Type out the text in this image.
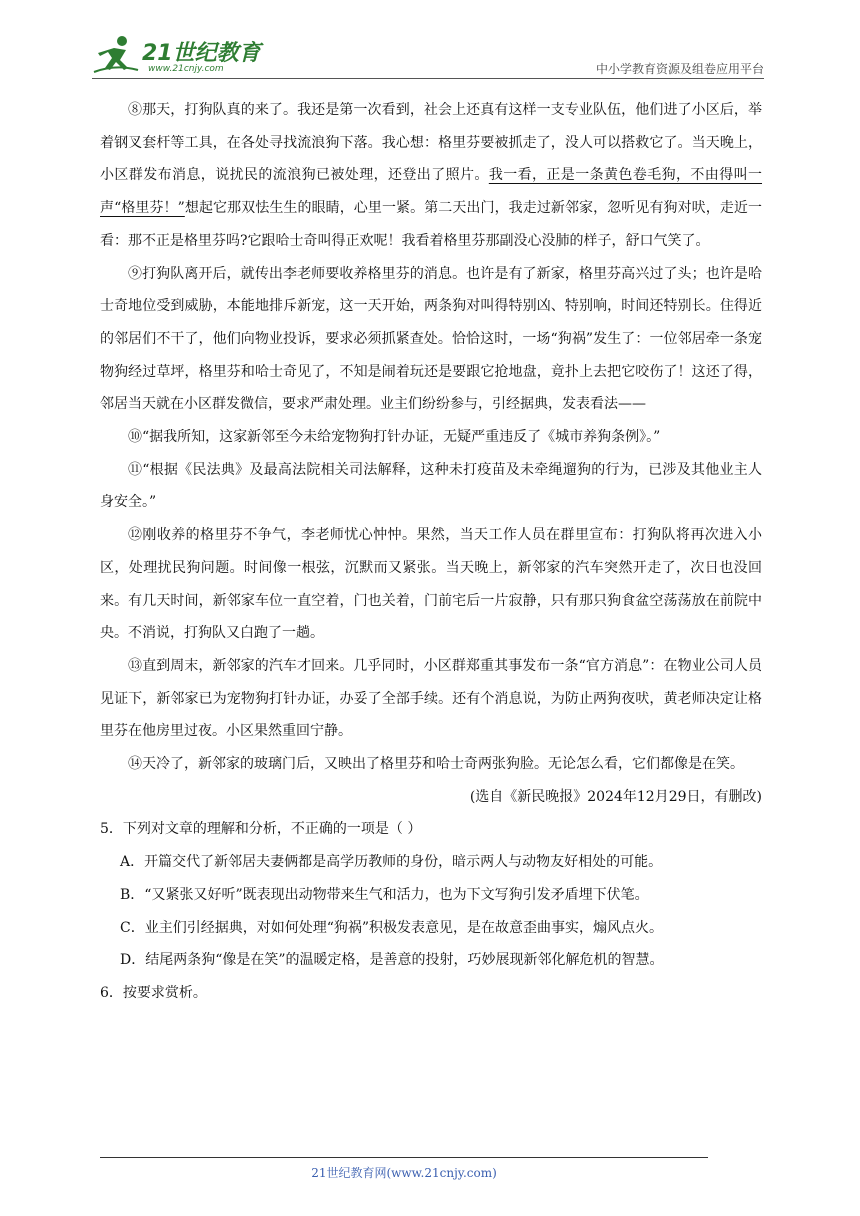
21世纪教育
www.21cnjy.com	中小学教育资源及组卷应用平台

⑧那天，打狗队真的来了。我还是第一次看到，社会上还真有这样一支专业队伍，他们进了小区后，举着钢叉套杆等工具，在各处寻找流浪狗下落。我心想：格里芬要被抓走了，没人可以搭救它了。当天晚上，小区群发布消息，说扰民的流浪狗已被处理，还登出了照片。我一看，正是一条黄色卷毛狗，不由得叫一声“格里芬！”想起它那双怯生生的眼睛，心里一紧。第二天出门，我走过新邻家，忽听见有狗对吠，走近一看：那不正是格里芬吗?它跟哈士奇叫得正欢呢！我看着格里芬那副没心没肺的样子，舒口气笑了。

⑨打狗队离开后，就传出李老师要收养格里芬的消息。也许是有了新家，格里芬高兴过了头；也许是哈士奇地位受到威胁，本能地排斥新宠，这一天开始，两条狗对叫得特别凶、特别响，时间还特别长。住得近的邻居们不干了，他们向物业投诉，要求必须抓紧查处。恰恰这时，一场“狗祸”发生了：一位邻居牵一条宠物狗经过草坪，格里芬和哈士奇见了，不知是闹着玩还是要跟它抢地盘，竟扑上去把它咬伤了！这还了得，邻居当天就在小区群发微信，要求严肃处理。业主们纷纷参与，引经据典，发表看法——

⑩“据我所知，这家新邻至今未给宠物狗打针办证，无疑严重违反了《城市养狗条例》。”

⑪“根据《民法典》及最高法院相关司法解释，这种未打疫苗及未牵绳遛狗的行为，已涉及其他业主人身安全。”

⑫刚收养的格里芬不争气，李老师忧心忡忡。果然，当天工作人员在群里宣布：打狗队将再次进入小区，处理扰民狗问题。时间像一根弦，沉默而又紧张。当天晚上，新邻家的汽车突然开走了，次日也没回来。有几天时间，新邻家车位一直空着，门也关着，门前宅后一片寂静，只有那只狗食盆空荡荡放在前院中央。不消说，打狗队又白跑了一趟。

⑬直到周末，新邻家的汽车才回来。几乎同时，小区群郑重其事发布一条“官方消息”：在物业公司人员见证下，新邻家已为宠物狗打针办证，办妥了全部手续。还有个消息说，为防止两狗夜吠，黄老师决定让格里芬在他房里过夜。小区果然重回宁静。

⑭天冷了，新邻家的玻璃门后，又映出了格里芬和哈士奇两张狗脸。无论怎么看，它们都像是在笑。

(选自《新民晚报》2024年12月29日，有删改)

5．下列对文章的理解和分析，不正确的一项是（ ）

A．开篇交代了新邻居夫妻俩都是高学历教师的身份，暗示两人与动物友好相处的可能。

B．“又紧张又好听”既表现出动物带来生气和活力，也为下文写狗引发矛盾埋下伏笔。

C．业主们引经据典，对如何处理“狗祸”积极发表意见，是在故意歪曲事实，煽风点火。

D．结尾两条狗“像是在笑”的温暖定格，是善意的投射，巧妙展现新邻化解危机的智慧。

6．按要求赏析。

21世纪教育网(www.21cnjy.com)
